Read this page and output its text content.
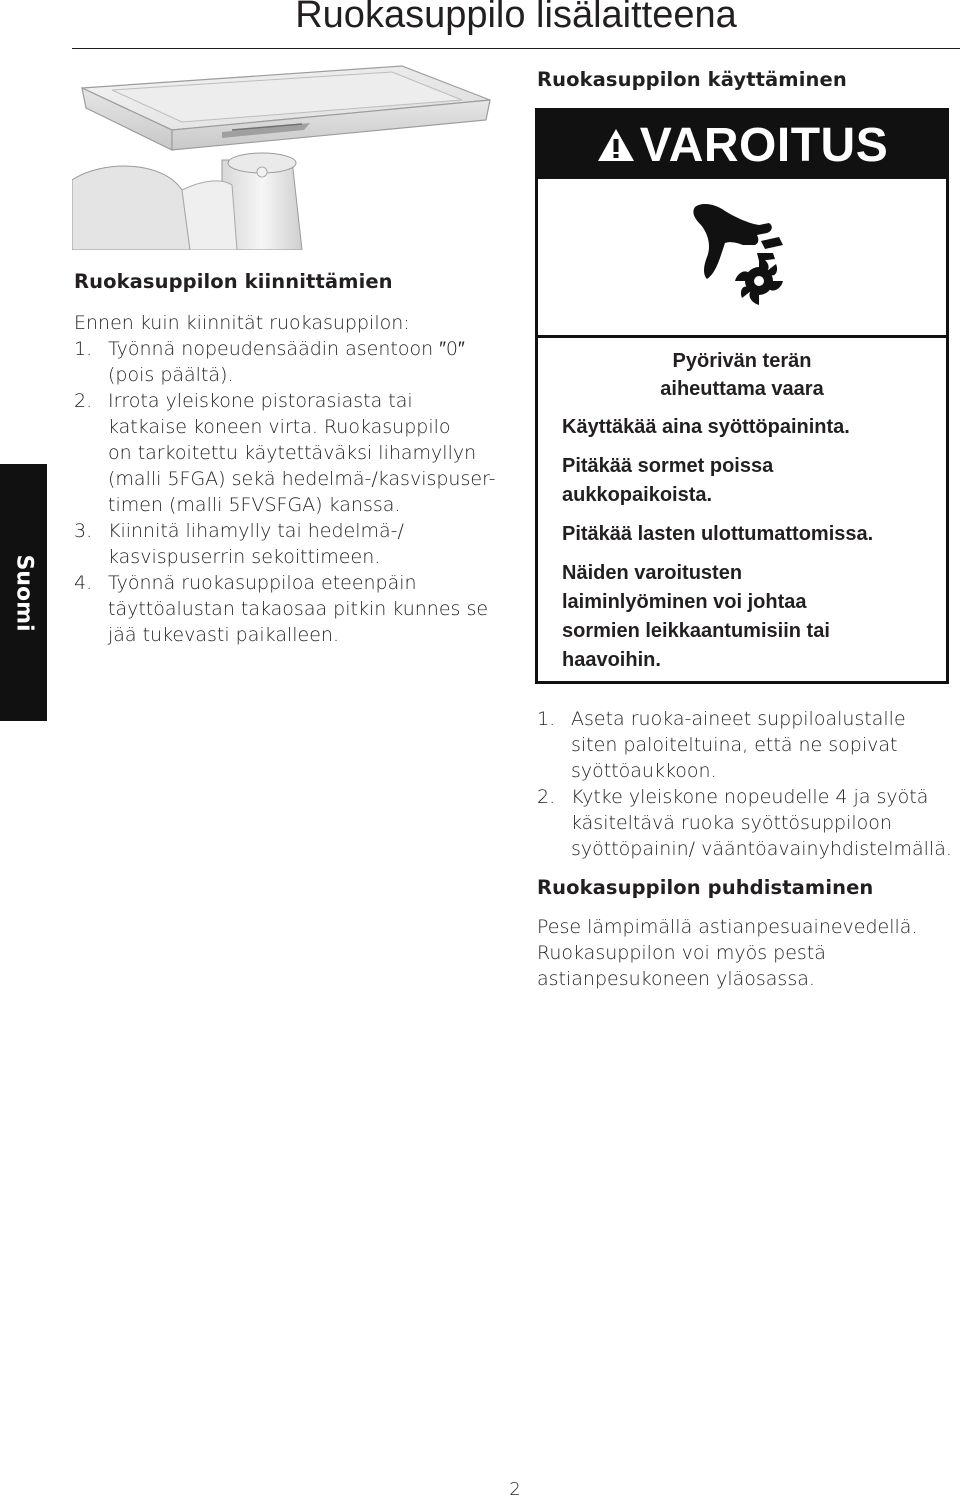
Ruokasuppilo lisälaitteena
Suomi
Ruokasuppilon kiinnittämien
Ennen kuin kiinnität ruokasuppilon:
1. Työnnä nopeudensäädin asentoon ″0″
(pois päältä).
2. Irrota yleiskone pistorasiasta tai
katkaise koneen virta. Ruokasuppilo
on tarkoitettu käytettäväksi lihamyllyn
(malli 5FGA) sekä hedelmä-/kasvispuser-
timen (malli 5FVSFGA) kanssa.
3. Kiinnitä lihamylly tai hedelmä-/
kasvispuserrin sekoittimeen.
4. Työnnä ruokasuppiloa eteenpäin
täyttöalustan takaosaa pitkin kunnes se
jää tukevasti paikalleen.
Ruokasuppilon käyttäminen
VAROITUS
Pyörivän terän
aiheuttama vaara
Käyttäkää aina syöttöpaininta.
Pitäkää sormet poissa
aukkopaikoista.
Pitäkää lasten ulottumattomissa.
Näiden varoitusten
laiminlyöminen voi johtaa
sormien leikkaantumisiin tai
haavoihin.
1. Aseta ruoka-aineet suppiloalustalle
siten paloiteltuina, että ne sopivat
syöttöaukkoon.
2. Kytke yleiskone nopeudelle 4 ja syötä
käsiteltävä ruoka syöttösuppiloon
syöttöpainin/ vääntöavainyhdistelmällä.
Ruokasuppilon puhdistaminen
Pese lämpimällä astianpesuainevedellä.
Ruokasuppilon voi myös pestä
astianpesukoneen yläosassa.
2
